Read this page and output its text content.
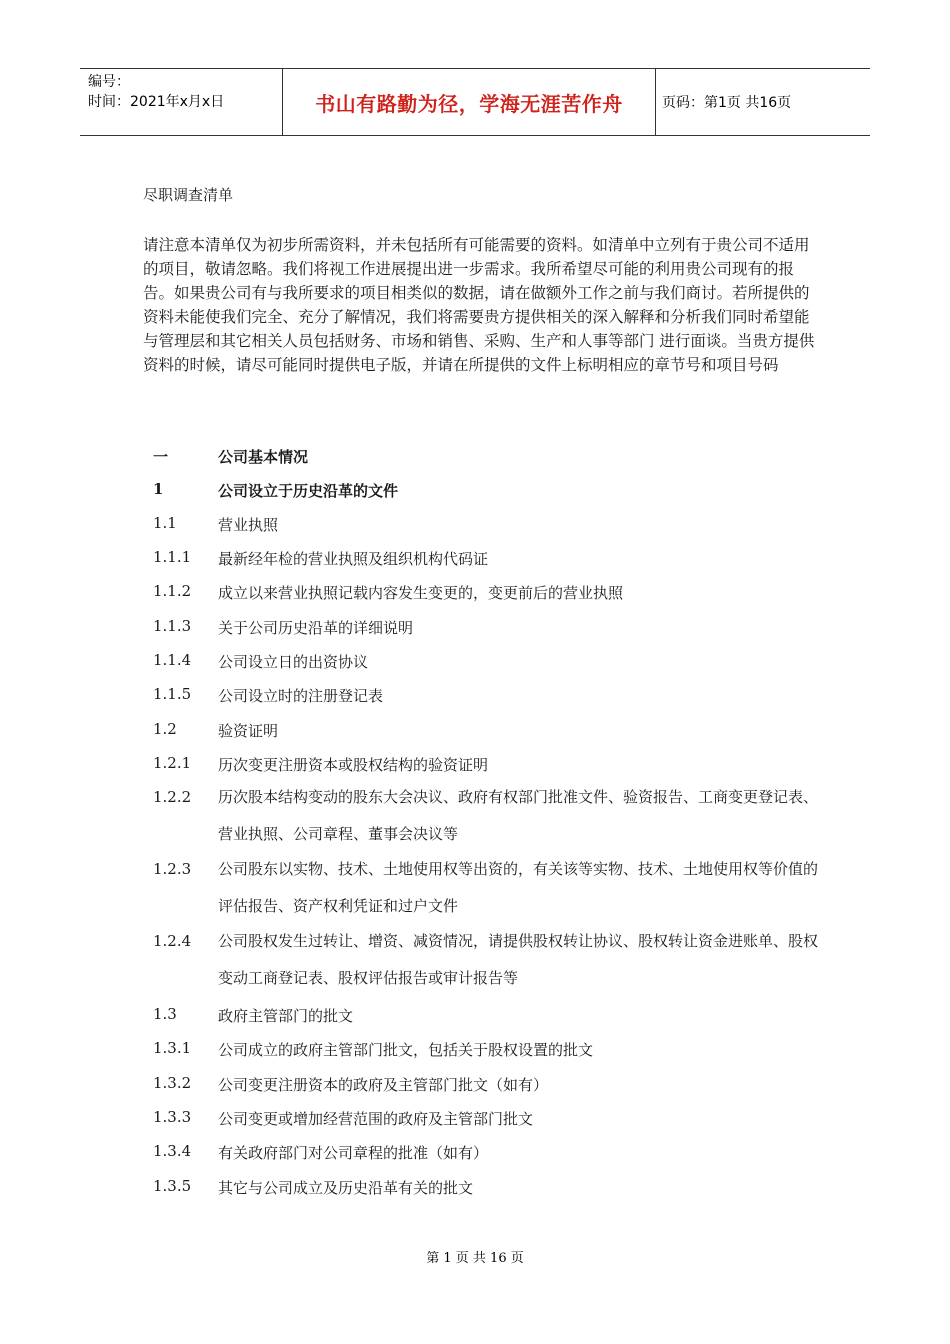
编号：
时间：2021年x月x日	书山有路勤为径，学海无涯苦作舟	页码：第1页 共16页
尽职调查清单

请注意本清单仅为初步所需资料，并未包括所有可能需要的资料。如清单中立列有于贵公司不适用的项目，敬请忽略。我们将视工作进展提出进一步需求。我所希望尽可能的利用贵公司现有的报告。如果贵公司有与我所要求的项目相类似的数据，请在做额外工作之前与我们商讨。若所提供的资料未能使我们完全、充分了解情况，我们将需要贵方提供相关的深入解释和分析我们同时希望能与管理层和其它相关人员包括财务、市场和销售、采购、生产和人事等部门 进行面谈。当贵方提供资料的时候，请尽可能同时提供电子版，并请在所提供的文件上标明相应的章节号和项目号码

一	公司基本情况
1	公司设立于历史沿革的文件
1.1	营业执照
1.1.1 最新经年检的营业执照及组织机构代码证
1.1.2 成立以来营业执照记载内容发生变更的，变更前后的营业执照
1.1.3 关于公司历史沿革的详细说明
1.1.4 公司设立日的出资协议
1.1.5 公司设立时的注册登记表
1.2	验资证明
1.2.1 历次变更注册资本或股权结构的验资证明
1.2.2 历次股本结构变动的股东大会决议、政府有权部门批准文件、验资报告、工商变更登记表、营业执照、公司章程、董事会决议等
1.2.3 公司股东以实物、技术、土地使用权等出资的，有关该等实物、技术、土地使用权等价值的评估报告、资产权利凭证和过户文件
1.2.4 公司股权发生过转让、增资、减资情况，请提供股权转让协议、股权转让资金进账单、股权变动工商登记表、股权评估报告或审计报告等
1.3	政府主管部门的批文
1.3.1 公司成立的政府主管部门批文，包括关于股权设置的批文
1.3.2 公司变更注册资本的政府及主管部门批文（如有）
1.3.3 公司变更或增加经营范围的政府及主管部门批文
1.3.4 有关政府部门对公司章程的批准（如有）
1.3.5 其它与公司成立及历史沿革有关的批文
第 1 页 共 16 页
